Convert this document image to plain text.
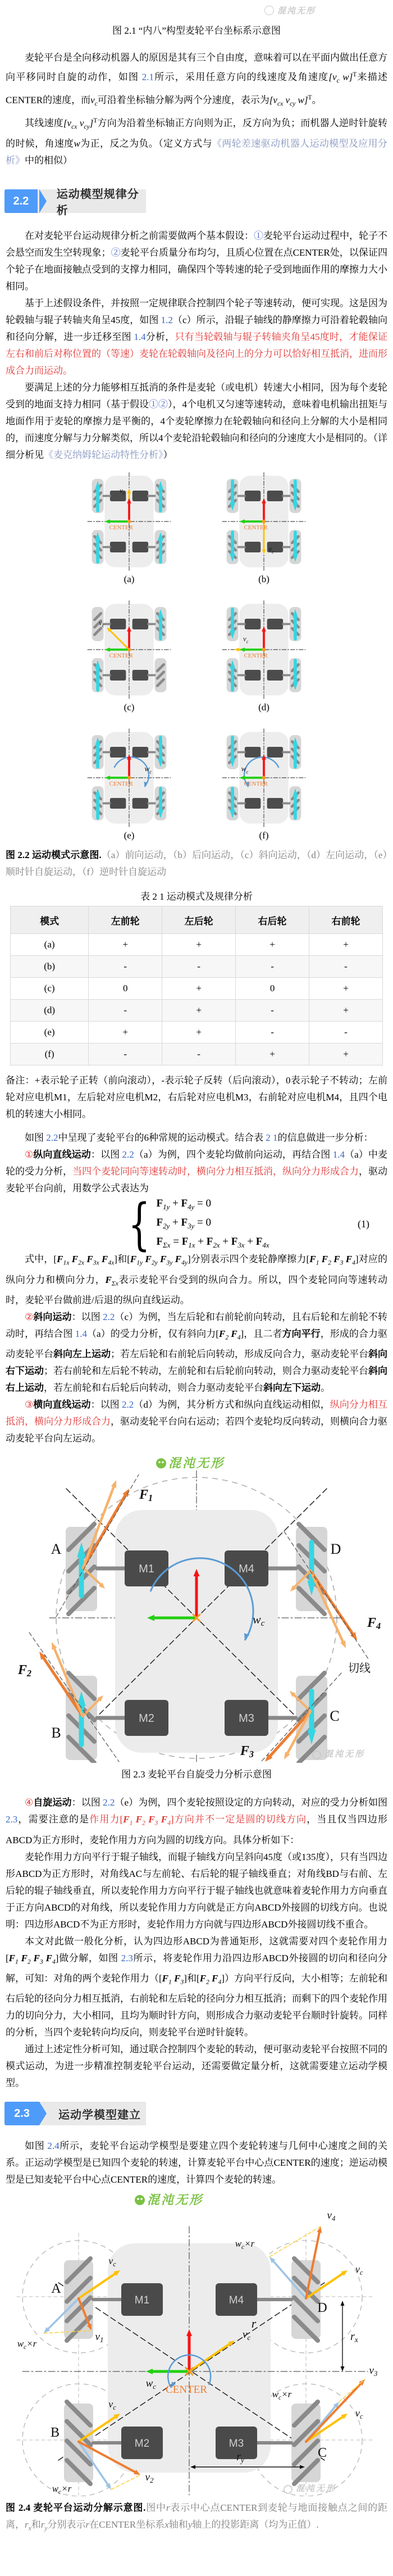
混沌无形

图 2.1 “内八”构型麦轮平台坐标系示意图

麦轮平台是全向移动机器人的原因是其有三个自由度，意味着可以在平面内做出任意方向平移同时自旋的动作，如图 2.1所示，采用任意方向的线速度及角速度[$v_c$ w]$^T$来描述CENTER的速度，而$v_c$可沿着坐标轴分解为两个分速度，表示为[$v_{cx}$ $v_{cy}$ w]$^T$。
其线速度[$v_{cx}$ $v_{cy}]^T$方向为沿着坐标轴正方向则为正，反方向为负；而机器人逆时针旋转的时候，角速度w为正，反之为负。（定义方式与《两轮差速驱动机器人运动模型及应用分析》中的相似）
2.2
运动模型规律分析
在对麦轮平台运动规律分析之前需要做两个基本假设：①麦轮平台运动过程中，轮子不会悬空而发生空转现象；②麦轮平台质量分布均匀，且质心位置在点CENTER处，以保证四个轮子在地面接触点受到的支撑力相同，确保四个等转速的轮子受到地面作用的摩擦力大小相同。
基于上述假设条件，并按照一定规律联合控制四个轮子等速转动，便可实现。这是因为轮毂轴与辊子转轴夹角呈45度，如图 1.2（c）所示，沿辊子轴线的静摩擦力可沿着轮毂轴向和径向分解，进一步迁移至图 1.4分析，只有当轮毂轴与辊子转轴夹角呈45度时，才能保证左右和前后对称位置的（等速）麦轮在轮毂轴向及径向上的分力可以恰好相互抵消，进而形成合力而运动。
要满足上述的分力能够相互抵消的条件是麦轮（或电机）转速大小相同，因为每个麦轮受到的地面支持力相同（基于假设①②），4个电机又匀速等速转动，意味着电机输出扭矩与地面作用于麦轮的摩擦力是平衡的，4个麦轮摩擦力在轮毂轴向和径向上分解的大小是相同的，而速度分解与力分解类似，所以4个麦轮沿轮毂轴向和径向的分速度大小是相同的。（详细分析见《麦克纳姆轮运动特性分析》）
$v_c$
CENTER
(a)
$v_c$
CENTER
(b)
$v_c$
CENTER
(c)
$v_c$
CENTER
(d)
$w_c$
CENTER
(e)
$w_c$
CENTER
(f)

图 2.2 运动模式示意图.（a）前向运动，（b）后向运动，（c）斜向运动，（d）左向运动，（e）顺时针自旋运动，（f）逆时针自旋运动

表 2 1 运动模式及规律分析

模式	左前轮	左后轮	右后轮	右前轮
(a)	+	+	+	+
(b)	-	-	-	-
(c)	0	+	0	+
(d)	-	+	-	+
(e)	+	+	-	-
(f)	-	-	+	+
备注：+表示轮子正转（前向滚动），-表示轮子反转（后向滚动），0表示轮子不转动；左前轮对应电机M1，左后轮对应电机M2，右后轮对应电机M3，右前轮对应电机M4，且四个电机的转速大小相同。
如图 2.2中呈现了麦轮平台的6种常规的运动模式。结合表 2 1的信息做进一步分析：
①纵向直线运动：以图 2.2（a）为例，四个麦轮均做前向运动，再结合图 1.4（a）中麦轮的受力分析，当四个麦轮同向等速转动时，横向分力相互抵消，纵向分力形成合力，驱动麦轮平台向前，用数学公式表达为
{ $F_{1y} + F_{4y} = 0$
$F_{2y} + F_{3y} = 0$
$F_{\Sigma x} = F_{1x} + F_{2x} + F_{3x} + F_{4x}$
(1)
式中，[$F_{1x}$ $F_{2x}$ $F_{3x}$ $F_{4x}$]和[$F_{1y}$ $F_{2y}$ $F_{3y}$ $F_{4y}$]分别表示四个麦轮静摩擦力[$F_1$ $F_2$ $F_3$ $F_4$]对应的纵向分力和横向分力，$F_{\Sigma x}$表示麦轮平台受到的纵向合力。所以，四个麦轮同向等速转动时，麦轮平台做前进/后退的纵向直线运动。
②斜向运动：以图 2.2（c）为例，当左后轮和右前轮前向转动，且右后轮和左前轮不转动时，再结合图 1.4（a）的受力分析，仅有斜向力[$F_2$ $F_4$]，且二者方向平行，形成的合力驱动麦轮平台斜向左上运动；若左后轮和右前轮后向转动，形成反向合力，驱动麦轮平台斜向右下运动；若右前轮和左后轮不转动，左前轮和右后轮前向转动，则合力驱动麦轮平台斜向右上运动，若左前轮和右后轮后向转动，则合力驱动麦轮平台斜向左下运动。
③横向直线运动：以图 2.2（d）为例，其分析方式和纵向直线运动相似，纵向分力相互抵消，横向分力形成合力，驱动麦轮平台向右运动；若四个麦轮均反向转动，则横向合力驱动麦轮平台向左运动。
M1	M4
M2	M3
A	D
B
C
wc
F1
F2
F4
F3
切线
混沌无形
混沌无形

图 2.3 麦轮平台自旋受力分析示意图

④自旋运动：以图 2.2（e）为例，四个麦轮按照设定的方向转动，对应的受力分析如图 2.3，需要注意的是作用力[$F_1$ $F_2$ $F_3$ $F_4$]方向并不一定是圆的切线方向，当且仅当四边形ABCD为正方形时，麦轮作用力方向为圆的切线方向。具体分析如下：
麦轮作用力方向平行于辊子轴线，而辊子轴线方向呈斜向45度（或135度），只有当四边形ABCD为正方形时，对角线AC与左前轮、右后轮的辊子轴线垂直；对角线BD与右前、左后轮的辊子轴线垂直，所以麦轮作用力方向平行于辊子轴线也就意味着麦轮作用力方向垂直于正方向ABCD的对角线，所以麦轮作用力方向就是正方向ABCD外接圆的切线方向。也说明：四边形ABCD不为正方形时，麦轮作用力方向就与四边形ABCD外接圆切线不重合。
本文对此做一般化分析，认为四边形ABCD为普通矩形，这就需要对四个麦轮作用力[$F_1$ $F_2$ $F_3$ $F_4$]做分解，如图 2.3所示，将麦轮作用力沿四边形ABCD外接圆的切向和径向分解，可知：对角的两个麦轮作用力（[$F_1$ $F_3$]和[$F_2$ $F_4$]）方向平行反向，大小相等；左前轮和右后轮的径向分力相互抵消，右前轮和左后轮的径向分力相互抵消；而剩下的四个麦轮作用力的切向分力，大小相同，且均为顺时针方向，则形成合力驱动麦轮平台顺时针旋转。同样的分析，当四个麦轮转向均反向，则麦轮平台逆时针旋转。
通过上述定性分析可知，通过联合控制四个麦轮的转动，便可驱动麦轮平台按照不同的模式运动，为进一步精准控制麦轮平台运动，还需要做定量分析，这就需要建立运动学模型。
2.3	运动学模型建立
如图 2.4所示，麦轮平台运动学模型是要建立四个麦轮转速与几何中心速度之间的关系。正运动学模型是已知四个麦轮的转速，计算麦轮平台中心点CENTER的速度；逆运动模型是已知麦轮平台中心点CENTER的速度，计算四个麦轮的转速。
r
M1	M4
M2	M3
A
D
B
C
$v_c$
$w_c$ CENTER
$v_c$
$w_c\times r$
$v_1$
$v_c$
$w_c\times r$
$v_4$
$v_c$
$w_c\times r$
$v_2$
$v_c$
$w_c\times r$
$v_3$
$r_x$
$r_y$
混沌无形
混沌无形

图 2.4 麦轮平台运动分解示意图.图中r表示中心点CENTER到麦轮与地面接触点之间的距离，$r_x$和$r_y$分别表示r在CENTER坐标系x轴和y轴上的投影距离（均为正值）.
